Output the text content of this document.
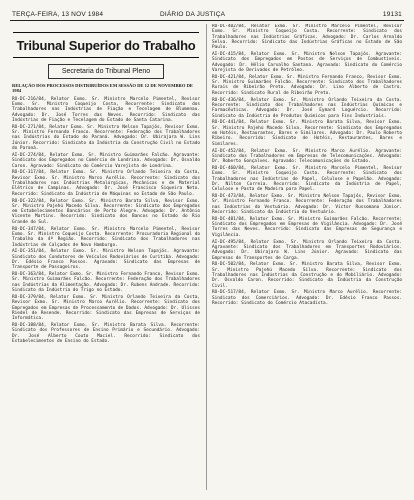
TERÇA-FEIRA, 13 NOV 1984	DIÁRIO DA JUSTIÇA	19131
Tribunal Superior do Trabalho
Secretaria do Tribunal Pleno
RELAÇÃO DOS PROCESSOS DISTRIBUÍDOS EM SESSÃO DE 12 DE NOVEMBRO DE 1984

RO-DC-216/84, Relator Exmo. Sr. Ministro Marcelo Pimentel, Revisor Exmo. Sr. Ministro Coqueijo Costa, Recorrente: Sindicato dos Trabalhadores nas Indústrias de Fiação e Tecelagem de Blumenau. Advogado: Dr. José Torres das Neves. Recorrido: Sindicato das Indústrias de Fiação e Tecelagem do Estado de Santa Catarina.

RO-DC-271/84, Relator Exmo. Sr. Ministro Nelson Tapajós, Revisor Exmo. Sr. Ministro Fernando Franco. Recorrente: Federação dos Trabalhadores nas Indústrias do Estado do Paraná. Advogado: Dr. Ubirajara W. Lins Júnior. Recorrido: Sindicato da Indústria da Construção Civil no Estado do Paraná.

AI-DC-274/84, Relator Exmo. Sr. Ministro Guimarães Falcão. Agravante: Sindicato dos Empregados no Comércio de Londrina. Advogado: Dr. Osvaldo Caron. Agravado: Sindicato do Comércio Varejista de Londrina.

RO-DC-317/84, Relator Exmo. Sr. Ministro Orlando Teixeira da Costa, Revisor Exmo. Sr. Ministro Marco Aurélio. Recorrente: Sindicato dos Trabalhadores nas Indústrias Metalúrgicas, Mecânicas e de Material Elétrico de Campinas. Advogado: Dr. José Francisco Siqueira Neto. Recorrido: Sindicato da Indústria de Máquinas no Estado de São Paulo.

RO-DC-322/84, Relator Exmo. Sr. Ministro Barata Silva, Revisor Exmo. Sr. Ministro Pajehú Macedo Silva. Recorrente: Sindicato dos Empregados em Estabelecimentos Bancários de Porto Alegre. Advogado: Dr. Antônio Vicente Martins. Recorrido: Sindicato dos Bancos no Estado do Rio Grande do Sul.

RO-DC-347/84, Relator Exmo. Sr. Ministro Marcelo Pimentel, Revisor Exmo. Sr. Ministro Coqueijo Costa. Recorrente: Procuradoria Regional do Trabalho da 4ª Região. Recorrido: Sindicato dos Trabalhadores nas Indústrias de Calçados de Novo Hamburgo.

AI-DC-351/84, Relator Exmo. Sr. Ministro Nelson Tapajós. Agravante: Sindicato dos Condutores de Veículos Rodoviários de Curitiba. Advogado: Dr. Edésio Franco Passos. Agravado: Sindicato das Empresas de Transporte de Passageiros.

RO-DC-363/84, Relator Exmo. Sr. Ministro Fernando Franco, Revisor Exmo. Sr. Ministro Guimarães Falcão. Recorrente: Federação dos Trabalhadores nas Indústrias da Alimentação. Advogado: Dr. Rubens Andrade. Recorrido: Sindicato da Indústria do Trigo no Estado.

RO-DC-379/84, Relator Exmo. Sr. Ministro Orlando Teixeira da Costa, Revisor Exmo. Sr. Ministro Marco Aurélio. Recorrente: Sindicato dos Empregados em Empresas de Processamento de Dados. Advogado: Dr. Ulisses Riedel de Resende. Recorrido: Sindicato das Empresas de Serviços de Informática.

RO-DC-388/84, Relator Exmo. Sr. Ministro Barata Silva. Recorrente: Sindicato dos Professores de Ensino Primário e Secundário. Advogado: Dr. José Alberto Couto Maciel. Recorrido: Sindicato dos Estabelecimentos de Ensino do Estado.

RO-DC-402/84, Relator Exmo. Sr. Ministro Marcelo Pimentel, Revisor Exmo. Sr. Ministro Coqueijo Costa. Recorrente: Sindicato dos Trabalhadores nas Indústrias Gráficas. Advogado: Dr. Carlos Arnaldo Selva. Recorrido: Sindicato das Indústrias Gráficas no Estado de São Paulo.

AI-DC-415/84, Relator Exmo. Sr. Ministro Nelson Tapajós. Agravante: Sindicato dos Empregados em Postos de Serviços de Combustíveis. Advogado: Dr. Hélio Carvalho Santana. Agravado: Sindicato do Comércio Varejista de Derivados de Petróleo.

RO-DC-421/84, Relator Exmo. Sr. Ministro Fernando Franco, Revisor Exmo. Sr. Ministro Guimarães Falcão. Recorrente: Sindicato dos Trabalhadores Rurais de Ribeirão Preto. Advogado: Dr. Lino Alberto de Castro. Recorrido: Sindicato Rural de Ribeirão Preto.

RO-DC-436/84, Relator Exmo. Sr. Ministro Orlando Teixeira da Costa. Recorrente: Sindicato dos Trabalhadores nas Indústrias Químicas e Farmacêuticas. Advogado: Dr. José Eymard Loguércio. Recorrido: Sindicato da Indústria de Produtos Químicos para Fins Industriais.

RO-DC-441/84, Relator Exmo. Sr. Ministro Barata Silva, Revisor Exmo. Sr. Ministro Pajehú Macedo Silva. Recorrente: Sindicato dos Empregados em Hotéis, Restaurantes, Bares e Similares. Advogado: Dr. Paulo Roberto Ribeiro. Recorrido: Sindicato de Hotéis, Restaurantes, Bares e Similares.

AI-DC-452/84, Relator Exmo. Sr. Ministro Marco Aurélio. Agravante: Sindicato dos Trabalhadores em Empresas de Telecomunicações. Advogado: Dr. Roberto Gonçalves. Agravado: Telecomunicações do Estado.

RO-DC-460/84, Relator Exmo. Sr. Ministro Marcelo Pimentel, Revisor Exmo. Sr. Ministro Coqueijo Costa. Recorrente: Sindicato dos Trabalhadores nas Indústrias de Papel, Celulose e Papelão. Advogado: Dr. Nilton Correia. Recorrido: Sindicato da Indústria de Papel, Celulose e Pasta de Madeira para Papel.

RO-DC-473/84, Relator Exmo. Sr. Ministro Nelson Tapajós, Revisor Exmo. Sr. Ministro Fernando Franco. Recorrente: Federação dos Trabalhadores nas Indústrias do Vestuário. Advogado: Dr. Victor Russomano Júnior. Recorrido: Sindicato da Indústria do Vestuário.

RO-DC-481/84, Relator Exmo. Sr. Ministro Guimarães Falcão. Recorrente: Sindicato dos Empregados em Empresas de Vigilância. Advogado: Dr. José Torres das Neves. Recorrido: Sindicato das Empresas de Segurança e Vigilância.

AI-DC-495/84, Relator Exmo. Sr. Ministro Orlando Teixeira da Costa. Agravante: Sindicato dos Trabalhadores em Transportes Rodoviários. Advogado: Dr. Ubirajara W. Lins Júnior. Agravado: Sindicato das Empresas de Transportes de Carga.

RO-DC-502/84, Relator Exmo. Sr. Ministro Barata Silva, Revisor Exmo. Sr. Ministro Pajehú Macedo Silva. Recorrente: Sindicato dos Trabalhadores nas Indústrias da Construção e do Mobiliário. Advogado: Dr. Osvaldo Caron. Recorrido: Sindicato da Indústria da Construção Civil.

RO-DC-517/84, Relator Exmo. Sr. Ministro Marco Aurélio. Recorrente: Sindicato dos Comerciários. Advogado: Dr. Edésio Franco Passos. Recorrido: Sindicato do Comércio Atacadista.
